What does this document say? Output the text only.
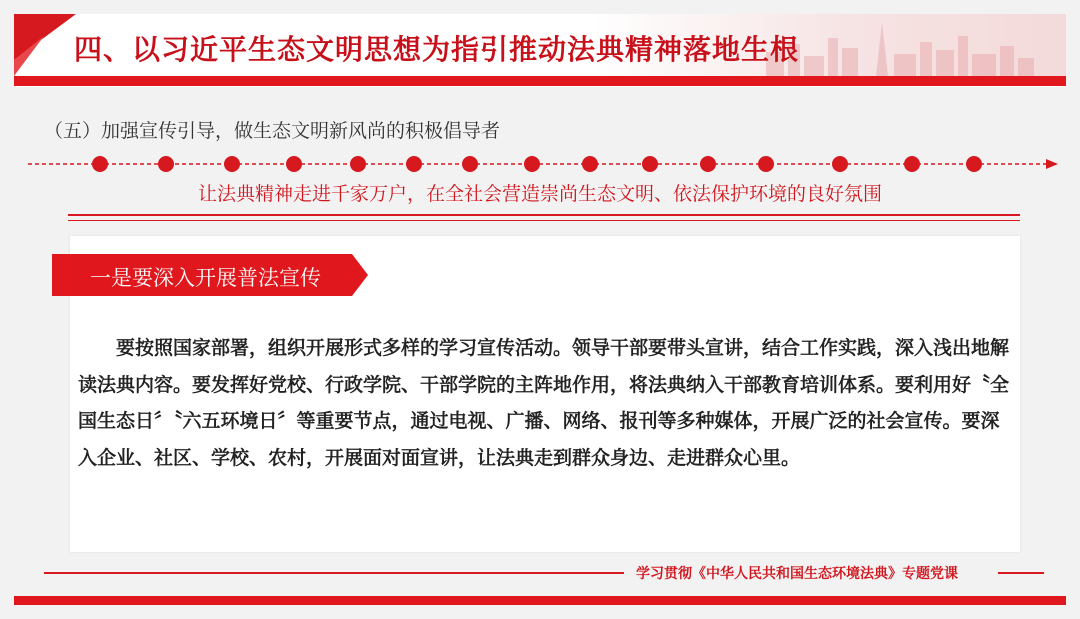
四、以习近平生态文明思想为指引推动法典精神落地生根
（五）加强宣传引导，做生态文明新风尚的积极倡导者
让法典精神走进千家万户，在全社会营造崇尚生态文明、依法保护环境的良好氛围
一是要深入开展普法宣传

要按照国家部署，组织开展形式多样的学习宣传活动。领导干部要带头宣讲，结合工作实践，深入浅出地解读法典内容。要发挥好党校、行政学院、干部学院的主阵地作用，将法典纳入干部教育培训体系。要利用好〝全国生态日〞〝六五环境日〞等重要节点，通过电视、广播、网络、报刊等多种媒体，开展广泛的社会宣传。要深入企业、社区、学校、农村，开展面对面宣讲，让法典走到群众身边、走进群众心里。

学习贯彻《中华人民共和国生态环境法典》专题党课
